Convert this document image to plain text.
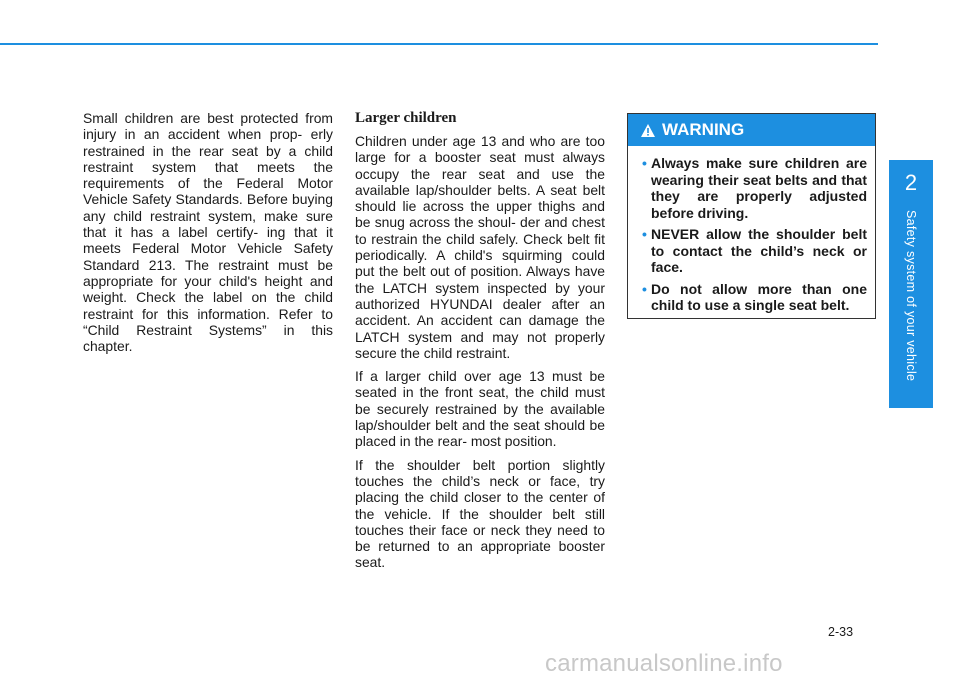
Small children are best protected from injury in an accident when prop- erly restrained in the rear seat by a child restraint system that meets the requirements of the Federal Motor Vehicle Safety Standards. Before buying any child restraint system, make sure that it has a label certify- ing that it meets Federal Motor Vehicle Safety Standard 213. The restraint must be appropriate for your child's height and weight. Check the label on the child restraint for this information. Refer to “Child Restraint Systems” in this chapter.

Larger children

Children under age 13 and who are too large for a booster seat must always occupy the rear seat and use the available lap/shoulder belts. A seat belt should lie across the upper thighs and be snug across the shoul- der and chest to restrain the child safely. Check belt fit periodically. A child's squirming could put the belt out of position. Always have the LATCH system inspected by your authorized HYUNDAI dealer after an accident. An accident can damage the LATCH system and may not properly secure the child restraint.

If a larger child over age 13 must be seated in the front seat, the child must be securely restrained by the available lap/shoulder belt and the seat should be placed in the rear- most position.

If the shoulder belt portion slightly touches the child’s neck or face, try placing the child closer to the center of the vehicle. If the shoulder belt still touches their face or neck they need to be returned to an appropriate booster seat.

WARNING
• Always make sure children are wearing their seat belts and that they are properly adjusted before driving.
• NEVER allow the shoulder belt to contact the child’s neck or face.
• Do not allow more than one child to use a single seat belt.
2
Safety system of your vehicle
2-33
carmanualsonline.info
